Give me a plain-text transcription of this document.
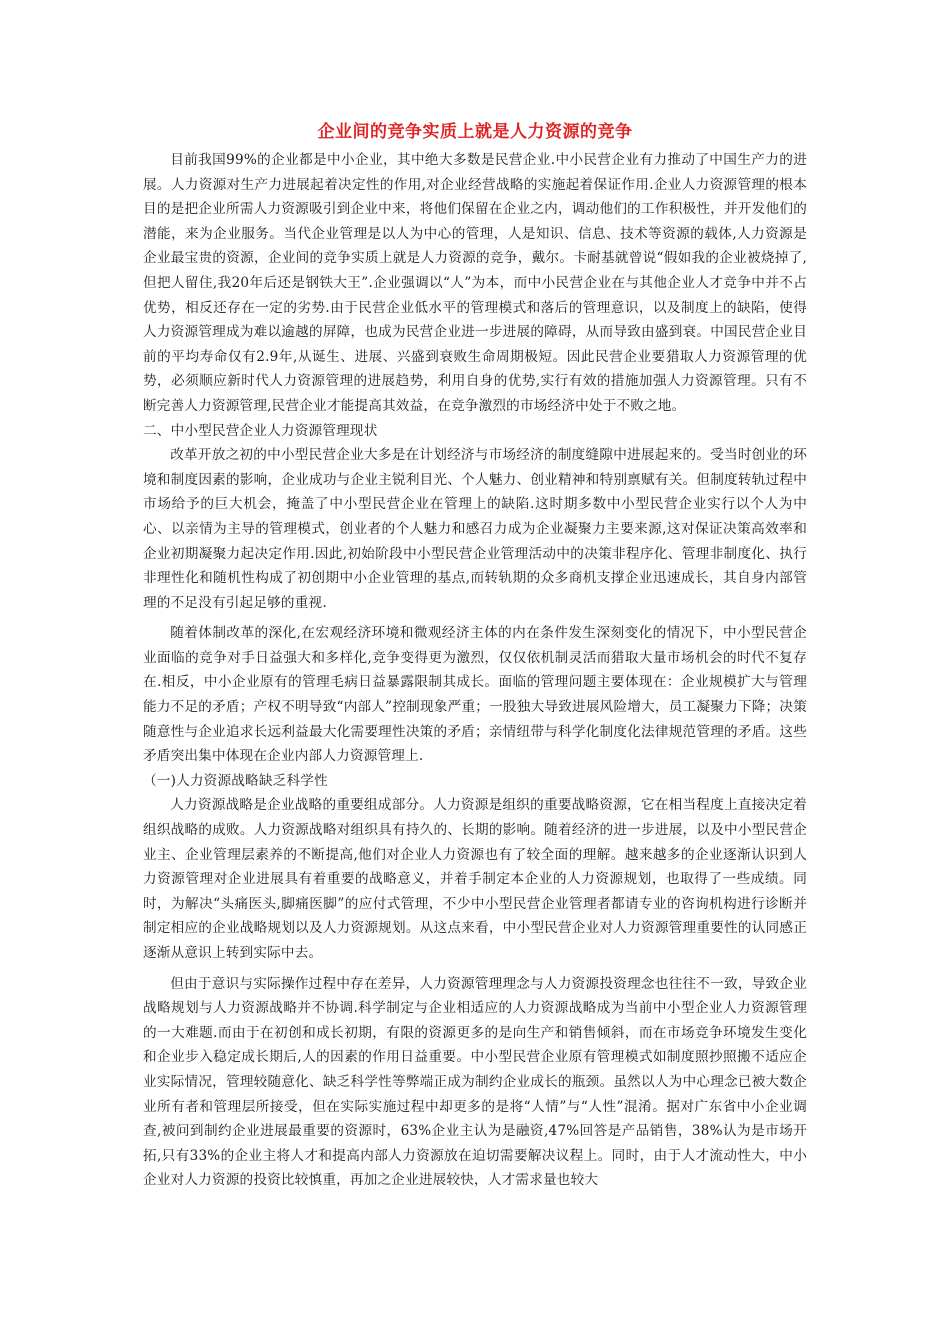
企业间的竞争实质上就是人力资源的竞争

目前我国99%的企业都是中小企业，其中绝大多数是民营企业.中小民营企业有力推动了中国生产力的进展。人力资源对生产力进展起着决定性的作用,对企业经营战略的实施起着保证作用.企业人力资源管理的根本目的是把企业所需人力资源吸引到企业中来，将他们保留在企业之内，调动他们的工作积极性，并开发他们的潜能，来为企业服务。当代企业管理是以人为中心的管理，人是知识、信息、技术等资源的载体,人力资源是企业最宝贵的资源，企业间的竞争实质上就是人力资源的竞争，戴尔。卡耐基就曾说“假如我的企业被烧掉了,但把人留住,我20年后还是钢铁大王”.企业强调以“人”为本，而中小民营企业在与其他企业人才竞争中并不占优势，相反还存在一定的劣势.由于民营企业低水平的管理模式和落后的管理意识，以及制度上的缺陷，使得人力资源管理成为难以逾越的屏障，也成为民营企业进一步进展的障碍，从而导致由盛到衰。中国民营企业目前的平均寿命仅有2.9年,从诞生、进展、兴盛到衰败生命周期极短。因此民营企业要猎取人力资源管理的优势，必须顺应新时代人力资源管理的进展趋势，利用自身的优势,实行有效的措施加强人力资源管理。只有不断完善人力资源管理,民营企业才能提高其效益，在竞争激烈的市场经济中处于不败之地。

二、中小型民营企业人力资源管理现状

改革开放之初的中小型民营企业大多是在计划经济与市场经济的制度缝隙中进展起来的。受当时创业的环境和制度因素的影响，企业成功与企业主锐利目光、个人魅力、创业精神和特别禀赋有关。但制度转轨过程中市场给予的巨大机会，掩盖了中小型民营企业在管理上的缺陷.这时期多数中小型民营企业实行以个人为中心、以亲情为主导的管理模式，创业者的个人魅力和感召力成为企业凝聚力主要来源,这对保证决策高效率和企业初期凝聚力起决定作用.因此,初始阶段中小型民营企业管理活动中的决策非程序化、管理非制度化、执行非理性化和随机性构成了初创期中小企业管理的基点,而转轨期的众多商机支撑企业迅速成长，其自身内部管理的不足没有引起足够的重视.

随着体制改革的深化,在宏观经济环境和微观经济主体的内在条件发生深刻变化的情况下，中小型民营企业面临的竞争对手日益强大和多样化,竞争变得更为激烈，仅仅依机制灵活而猎取大量市场机会的时代不复存在.相反，中小企业原有的管理毛病日益暴露限制其成长。面临的管理问题主要体现在：企业规模扩大与管理能力不足的矛盾；产权不明导致“内部人”控制现象严重；一股独大导致进展风险增大，员工凝聚力下降；决策随意性与企业追求长远利益最大化需要理性决策的矛盾；亲情纽带与科学化制度化法律规范管理的矛盾。这些矛盾突出集中体现在企业内部人力资源管理上.

（一)人力资源战略缺乏科学性

人力资源战略是企业战略的重要组成部分。人力资源是组织的重要战略资源，它在相当程度上直接决定着组织战略的成败。人力资源战略对组织具有持久的、长期的影响。随着经济的进一步进展，以及中小型民营企业主、企业管理层素养的不断提高,他们对企业人力资源也有了较全面的理解。越来越多的企业逐渐认识到人力资源管理对企业进展具有着重要的战略意义，并着手制定本企业的人力资源规划，也取得了一些成绩。同时，为解决“头痛医头,脚痛医脚”的应付式管理，不少中小型民营企业管理者都请专业的咨询机构进行诊断并制定相应的企业战略规划以及人力资源规划。从这点来看，中小型民营企业对人力资源管理重要性的认同感正逐渐从意识上转到实际中去。

但由于意识与实际操作过程中存在差异，人力资源管理理念与人力资源投资理念也往往不一致，导致企业战略规划与人力资源战略并不协调.科学制定与企业相适应的人力资源战略成为当前中小型企业人力资源管理的一大难题.而由于在初创和成长初期，有限的资源更多的是向生产和销售倾斜，而在市场竞争环境发生变化和企业步入稳定成长期后,人的因素的作用日益重要。中小型民营企业原有管理模式如制度照抄照搬不适应企业实际情况，管理较随意化、缺乏科学性等弊端正成为制约企业成长的瓶颈。虽然以人为中心理念已被大数企业所有者和管理层所接受，但在实际实施过程中却更多的是将“人情”与“人性”混淆。据对广东省中小企业调查,被问到制约企业进展最重要的资源时，63%企业主认为是融资,47%回答是产品销售，38%认为是市场开拓,只有33%的企业主将人才和提高内部人力资源放在迫切需要解决议程上。同时，由于人才流动性大，中小企业对人力资源的投资比较慎重，再加之企业进展较快，人才需求量也较大
